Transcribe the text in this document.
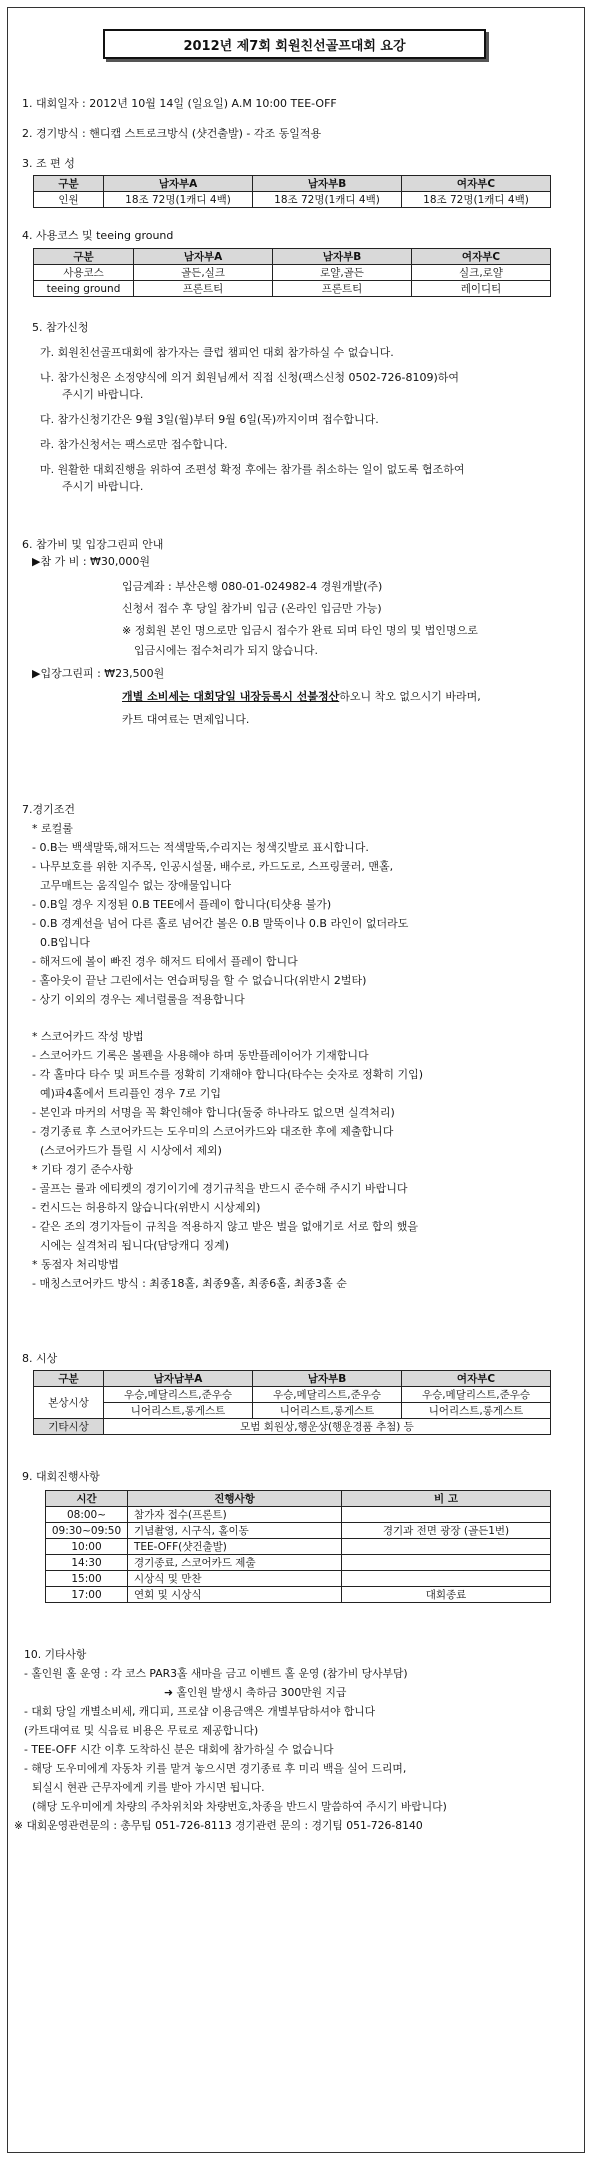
2012년 제7회 회원친선골프대회 요강
1. 대회일자 : 2012년 10월 14일 (일요일) A.M 10:00 TEE-OFF
2. 경기방식 : 핸디캡 스트로크방식 (샷건출발) - 각조 동일적용
3. 조 편 성
구분	남자부A	남자부B	여자부C
인원	18조 72명(1캐디 4백)	18조 72명(1캐디 4백)	18조 72명(1캐디 4백)
4. 사용코스 및 teeing ground
구분	남자부A	남자부B	여자부C
사용코스	골든,실크	로얄,골든	실크,로얄
teeing ground	프론트티	프론트티	레이디티
5. 참가신청
가. 회원친선골프대회에 참가자는 클럽 챔피언 대회 참가하실 수 없습니다.
나. 참가신청은 소정양식에 의거 회원님께서 직접 신청(팩스신청 0502-726-8109)하여
주시기 바랍니다.
다. 참가신청기간은 9월 3일(월)부터 9월 6일(목)까지이며 접수합니다.
라. 참가신청서는 팩스로만 접수합니다.
마. 원활한 대회진행을 위하여 조편성 확정 후에는 참가를 취소하는 일이 없도록 협조하여
주시기 바랍니다.
6. 참가비 및 입장그린피 안내
▶참 가 비 : ₩30,000원
입금계좌 : 부산은행 080-01-024982-4 경원개발(주)
신청서 접수 후 당일 참가비 입금 (온라인 입금만 가능)
※ 정회원 본인 명으로만 입금시 접수가 완료 되며 타인 명의 및 법인명으로
입금시에는 접수처리가 되지 않습니다.
▶입장그린피 : ₩23,500원
개별 소비세는 대회당일 내장등록시 선불정산하오니 착오 없으시기 바라며,
카트 대여료는 면제입니다.
7.경기조건
* 로컬룰
- 0.B는 백색말뚝,해저드는 적색말뚝,수리지는 청색깃발로 표시합니다.
- 나무보호를 위한 지주목, 인공시설물, 배수로, 카드도로, 스프링쿨러, 맨홀,
고무매트는 움직일수 없는 장애물입니다
- 0.B일 경우 지정된 0.B TEE에서 플레이 합니다(티샷용 불가)
- 0.B 경계선을 넘어 다른 홀로 넘어간 볼은 0.B 말뚝이나 0.B 라인이 없더라도
0.B입니다
- 해저드에 볼이 빠진 경우 해저드 티에서 플레이 합니다
- 홀아웃이 끝난 그린에서는 연습퍼팅을 할 수 없습니다(위반시 2벌타)
- 상기 이외의 경우는 제너럴룰을 적용합니다
* 스코어카드 작성 방법
- 스코어카드 기록은 볼펜을 사용해야 하며 동반플레이어가 기재합니다
- 각 홀마다 타수 및 퍼트수를 정확히 기재해야 합니다(타수는 숫자로 정확히 기입)
예)파4홀에서 트리플인 경우 7로 기입
- 본인과 마커의 서명을 꼭 확인해야 합니다(둘중 하나라도 없으면 실격처리)
- 경기종료 후 스코어카드는 도우미의 스코어카드와 대조한 후에 제출합니다
(스코어카드가 틀릴 시 시상에서 제외)
* 기타 경기 준수사항
- 골프는 룰과 에티켓의 경기이기에 경기규칙을 반드시 준수해 주시기 바랍니다
- 컨시드는 허용하지 않습니다(위반시 시상제외)
- 같은 조의 경기자들이 규칙을 적용하지 않고 받은 벌을 없애기로 서로 합의 했을
시에는 실격처리 됩니다(담당캐디 징계)
* 동점자 처리방법
- 매칭스코어카드 방식 : 최종18홀, 최종9홀, 최종6홀, 최종3홀 순
8. 시상
구분	남자남부A	남자부B	여자부C
본상시상	우승,메달리스트,준우승	우승,메달리스트,준우승	우승,메달리스트,준우승
	니어리스트,롱게스트	니어리스트,롱게스트	니어리스트,롱게스트
기타시상	모범 회원상,행운상(행운경품 추첨) 등		
9. 대회진행사항
시간	진행사항	비 고
08:00~	참가자 접수(프론트)	
09:30~09:50	기념촬영, 시구식, 홀이동	경기과 전면 광장 (골든1번)
10:00	TEE-OFF(샷건출발)	
14:30	경기종료, 스코어카드 제출	
15:00	시상식 및 만찬	
17:00	연회 및 시상식	대회종료
10. 기타사항
- 홀인원 홀 운영 : 각 코스 PAR3홀 새마을 금고 이벤트 홀 운영 (참가비 당사부담)
➜ 홀인원 발생시 축하금 300만원 지급
- 대회 당일 개별소비세, 캐디피, 프로샵 이용금액은 개별부담하셔야 합니다
(카트대여료 및 식음료 비용은 무료로 제공합니다)
- TEE-OFF 시간 이후 도착하신 분은 대회에 참가하실 수 없습니다
- 해당 도우미에게 자동차 키를 맡겨 놓으시면 경기종료 후 미리 백을 실어 드리며,
퇴실시 현관 근무자에게 키를 받아 가시면 됩니다.
(해당 도우미에게 차량의 주차위치와 차량번호,차종을 반드시 말씀하여 주시기 바랍니다)
※ 대회운영관련문의 : 총무팀 051-726-8113 경기관련 문의 : 경기팀 051-726-8140
